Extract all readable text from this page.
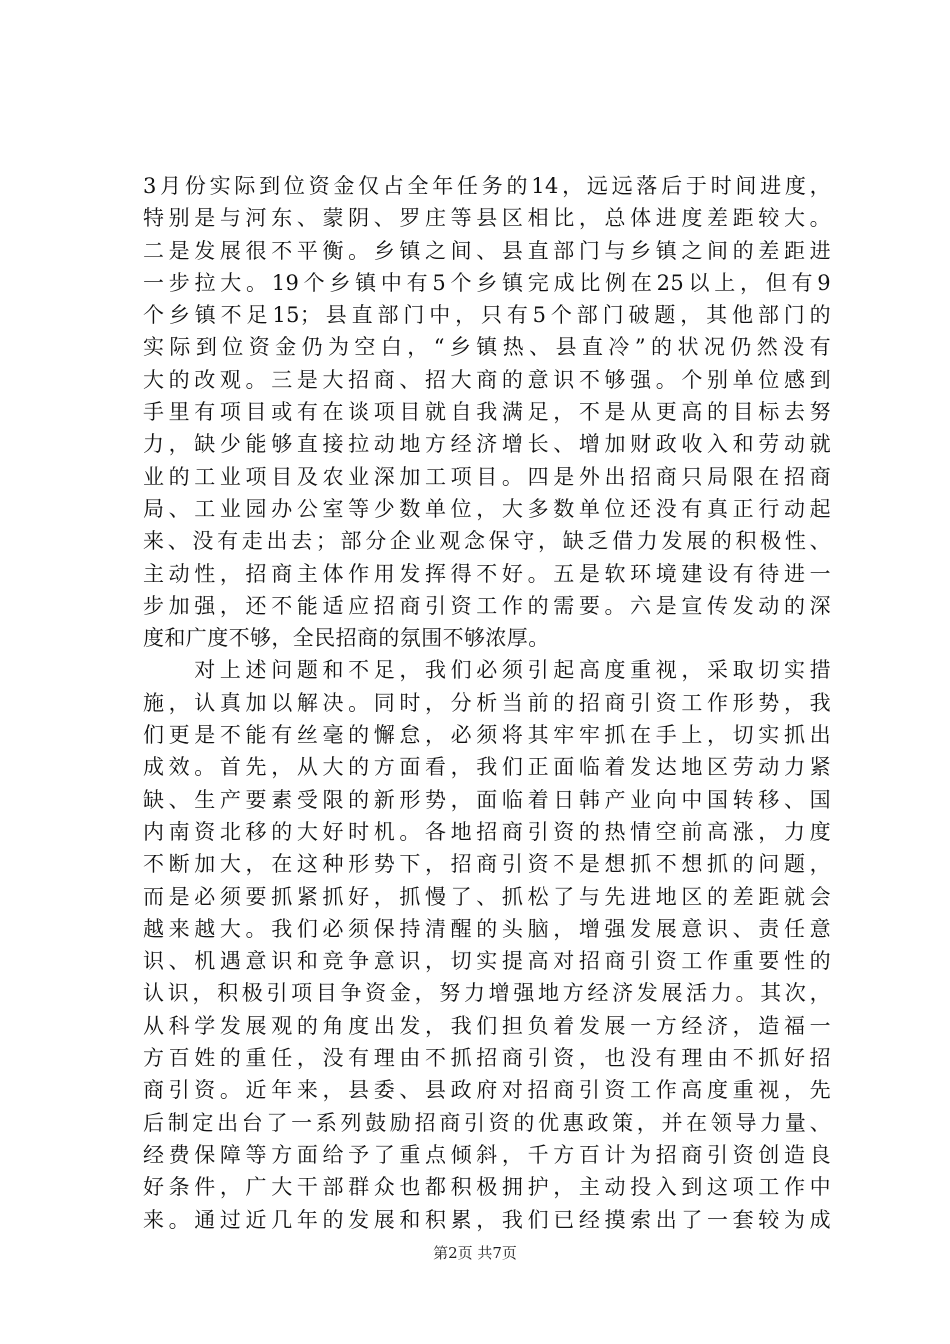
3月份实际到位资金仅占全年任务的14，远远落后于时间进度，
特别是与河东、蒙阴、罗庄等县区相比，总体进度差距较大。
二是发展很不平衡。乡镇之间、县直部门与乡镇之间的差距进
一步拉大。19个乡镇中有5个乡镇完成比例在25以上，但有9
个乡镇不足15；县直部门中，只有5个部门破题，其他部门的
实际到位资金仍为空白，“乡镇热、县直冷”的状况仍然没有
大的改观。三是大招商、招大商的意识不够强。个别单位感到
手里有项目或有在谈项目就自我满足，不是从更高的目标去努
力，缺少能够直接拉动地方经济增长、增加财政收入和劳动就
业的工业项目及农业深加工项目。四是外出招商只局限在招商
局、工业园办公室等少数单位，大多数单位还没有真正行动起
来、没有走出去；部分企业观念保守，缺乏借力发展的积极性、
主动性，招商主体作用发挥得不好。五是软环境建设有待进一
步加强，还不能适应招商引资工作的需要。六是宣传发动的深
度和广度不够，全民招商的氛围不够浓厚。
　　对上述问题和不足，我们必须引起高度重视，采取切实措
施，认真加以解决。同时，分析当前的招商引资工作形势，我
们更是不能有丝毫的懈怠，必须将其牢牢抓在手上，切实抓出
成效。首先，从大的方面看，我们正面临着发达地区劳动力紧
缺、生产要素受限的新形势，面临着日韩产业向中国转移、国
内南资北移的大好时机。各地招商引资的热情空前高涨，力度
不断加大，在这种形势下，招商引资不是想抓不想抓的问题，
而是必须要抓紧抓好，抓慢了、抓松了与先进地区的差距就会
越来越大。我们必须保持清醒的头脑，增强发展意识、责任意
识、机遇意识和竞争意识，切实提高对招商引资工作重要性的
认识，积极引项目争资金，努力增强地方经济发展活力。其次，
从科学发展观的角度出发，我们担负着发展一方经济，造福一
方百姓的重任，没有理由不抓招商引资，也没有理由不抓好招
商引资。近年来，县委、县政府对招商引资工作高度重视，先
后制定出台了一系列鼓励招商引资的优惠政策，并在领导力量、
经费保障等方面给予了重点倾斜，千方百计为招商引资创造良
好条件，广大干部群众也都积极拥护，主动投入到这项工作中
来。通过近几年的发展和积累，我们已经摸索出了一套较为成
第2页 共7页
